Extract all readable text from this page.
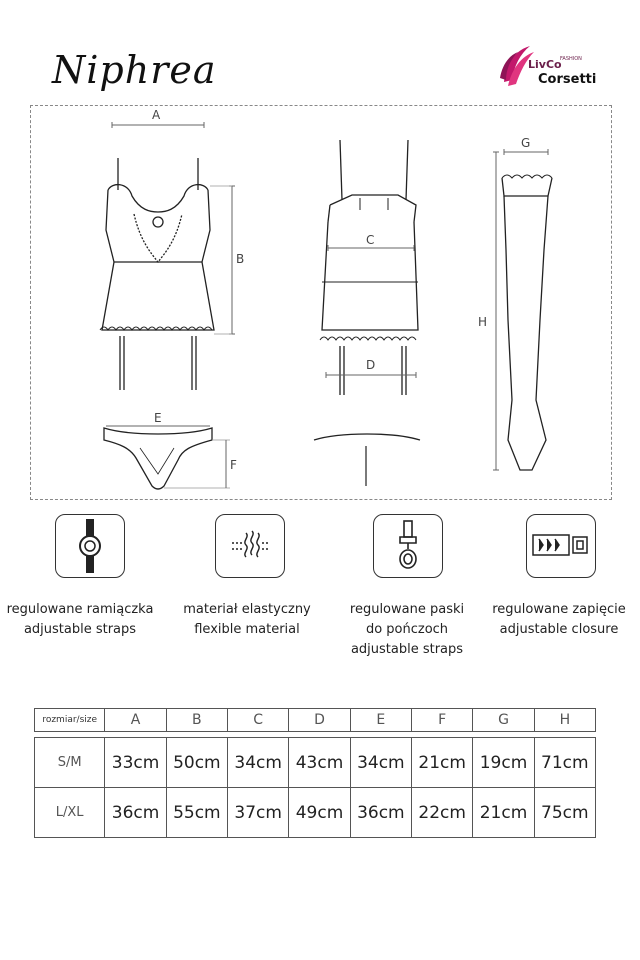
Niphrea	LivCo
FASHION
Corsetti
A
B
C
D
E
F
G
H
regulowane ramiączka
adjustable straps
materiał elastyczny
flexible material
regulowane paski
do pończoch
adjustable straps
regulowane zapięcie
adjustable closure
rozmiar/size	A	B	C	D	E	F	G	H

S/M	33cm	50cm	34cm	43cm	34cm	21cm	19cm	71cm
L/XL	36cm	55cm	37cm	49cm	36cm	22cm	21cm	75cm
